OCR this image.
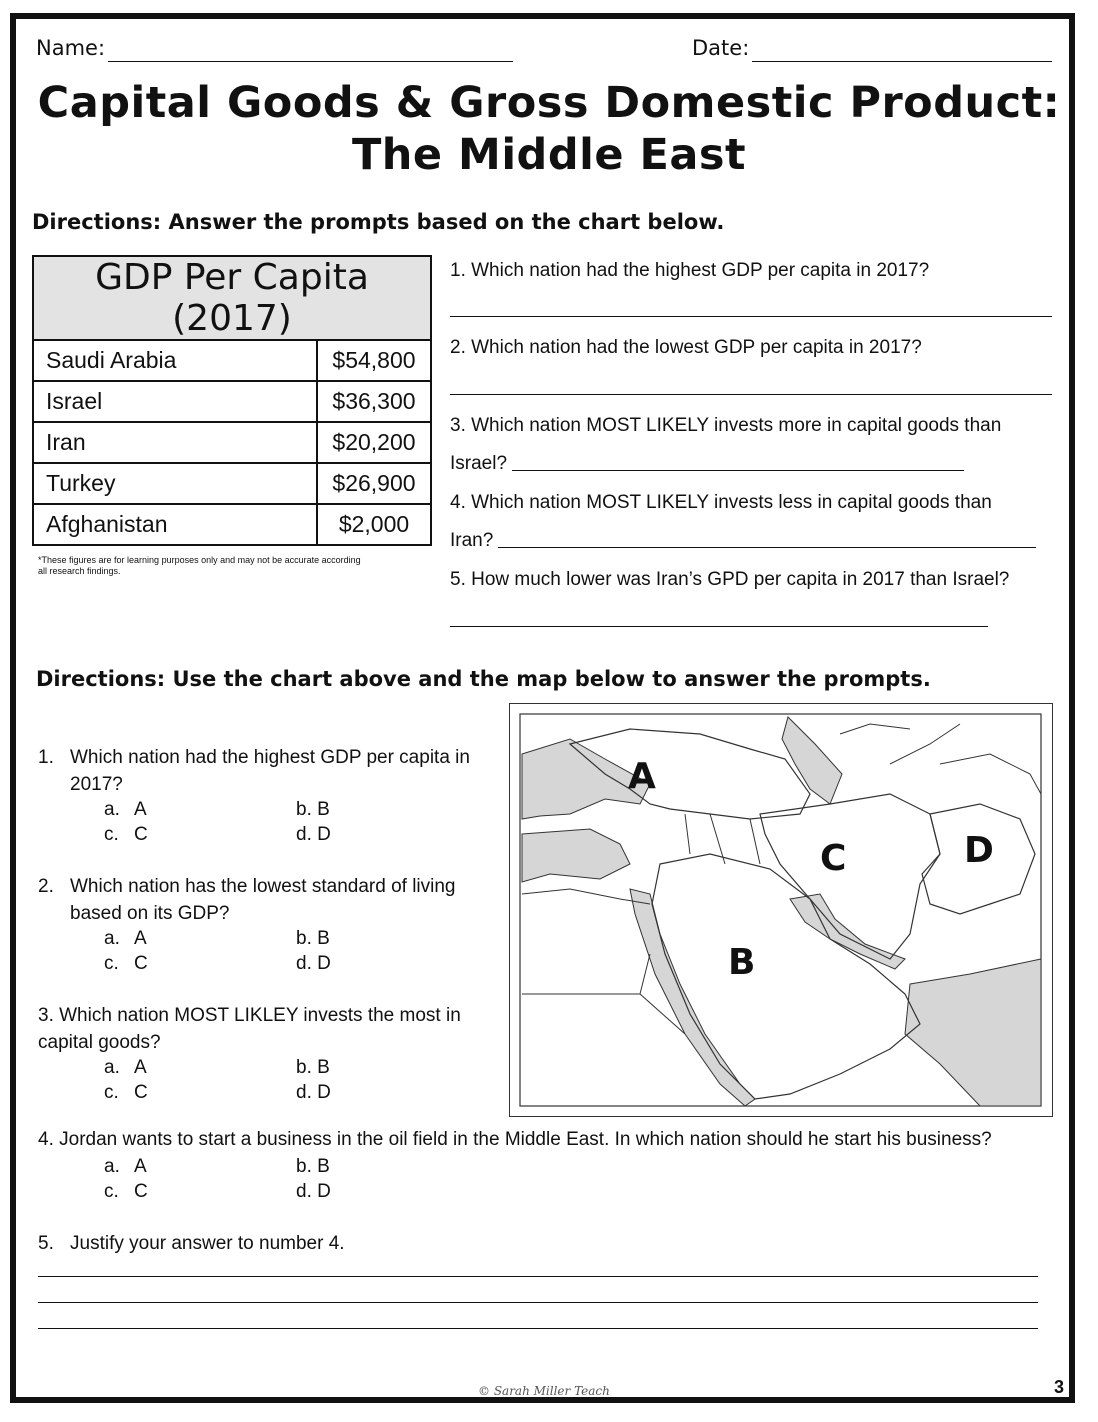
Name:	Date:
Capital Goods & Gross Domestic Product:
The Middle East
Directions: Answer the prompts based on the chart below.
GDP Per Capita (2017)	
Saudi Arabia	$54,800
Israel	$36,300
Iran	$20,200
Turkey	$26,900
Afghanistan	$2,000
*These figures are for learning purposes only and may not be accurate according
all research findings.
1. Which nation had the highest GDP per capita in 2017?
2. Which nation had the lowest GDP per capita in 2017?
3. Which nation MOST LIKELY invests more in capital goods than
Israel?
4. Which nation MOST LIKELY invests less in capital goods than
Iran?
5. How much lower was Iran’s GPD per capita in 2017 than Israel?
Directions: Use the chart above and the map below to answer the prompts.
A
C	D
B
1. Which nation had the highest GDP per capita in
2017?
a. A	b. B
c. C	d. D
2. Which nation has the lowest standard of living
based on its GDP?
a. A	b. B
c. C	d. D
3. Which nation MOST LIKLEY invests the most in
capital goods?
a. A	b. B
c. C	d. D
4. Jordan wants to start a business in the oil field in the Middle East. In which nation should he start his business?
a. A	b. B
c. C	d. D
5. Justify your answer to number 4.
© Sarah Miller Teach	3
